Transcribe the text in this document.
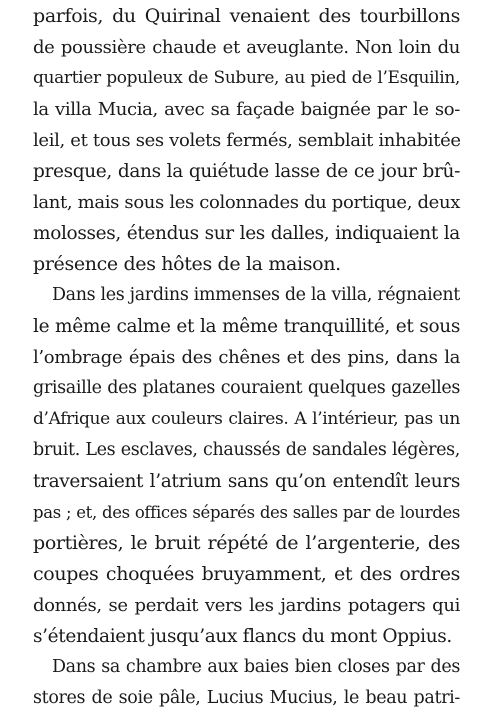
parfois, du Quirinal venaient des tourbillons
de poussière chaude et aveuglante. Non loin du
quartier populeux de Subure, au pied de l’Esquilin,
la villa Mucia, avec sa façade baignée par le so-
leil, et tous ses volets fermés, semblait inhabitée
presque, dans la quiétude lasse de ce jour brû-
lant, mais sous les colonnades du portique, deux
molosses, étendus sur les dalles, indiquaient la
présence des hôtes de la maison.
Dans les jardins immenses de la villa, régnaient
le même calme et la même tranquillité, et sous
l’ombrage épais des chênes et des pins, dans la
grisaille des platanes couraient quelques gazelles
d’Afrique aux couleurs claires. A l’intérieur, pas un
bruit. Les esclaves, chaussés de sandales légères,
traversaient l’atrium sans qu’on entendît leurs
pas ; et, des offices séparés des salles par de lourdes
portières, le bruit répété de l’argenterie, des
coupes choquées bruyamment, et des ordres
donnés, se perdait vers les jardins potagers qui
s’étendaient jusqu’aux flancs du mont Oppius.
Dans sa chambre aux baies bien closes par des
stores de soie pâle, Lucius Mucius, le beau patri-
